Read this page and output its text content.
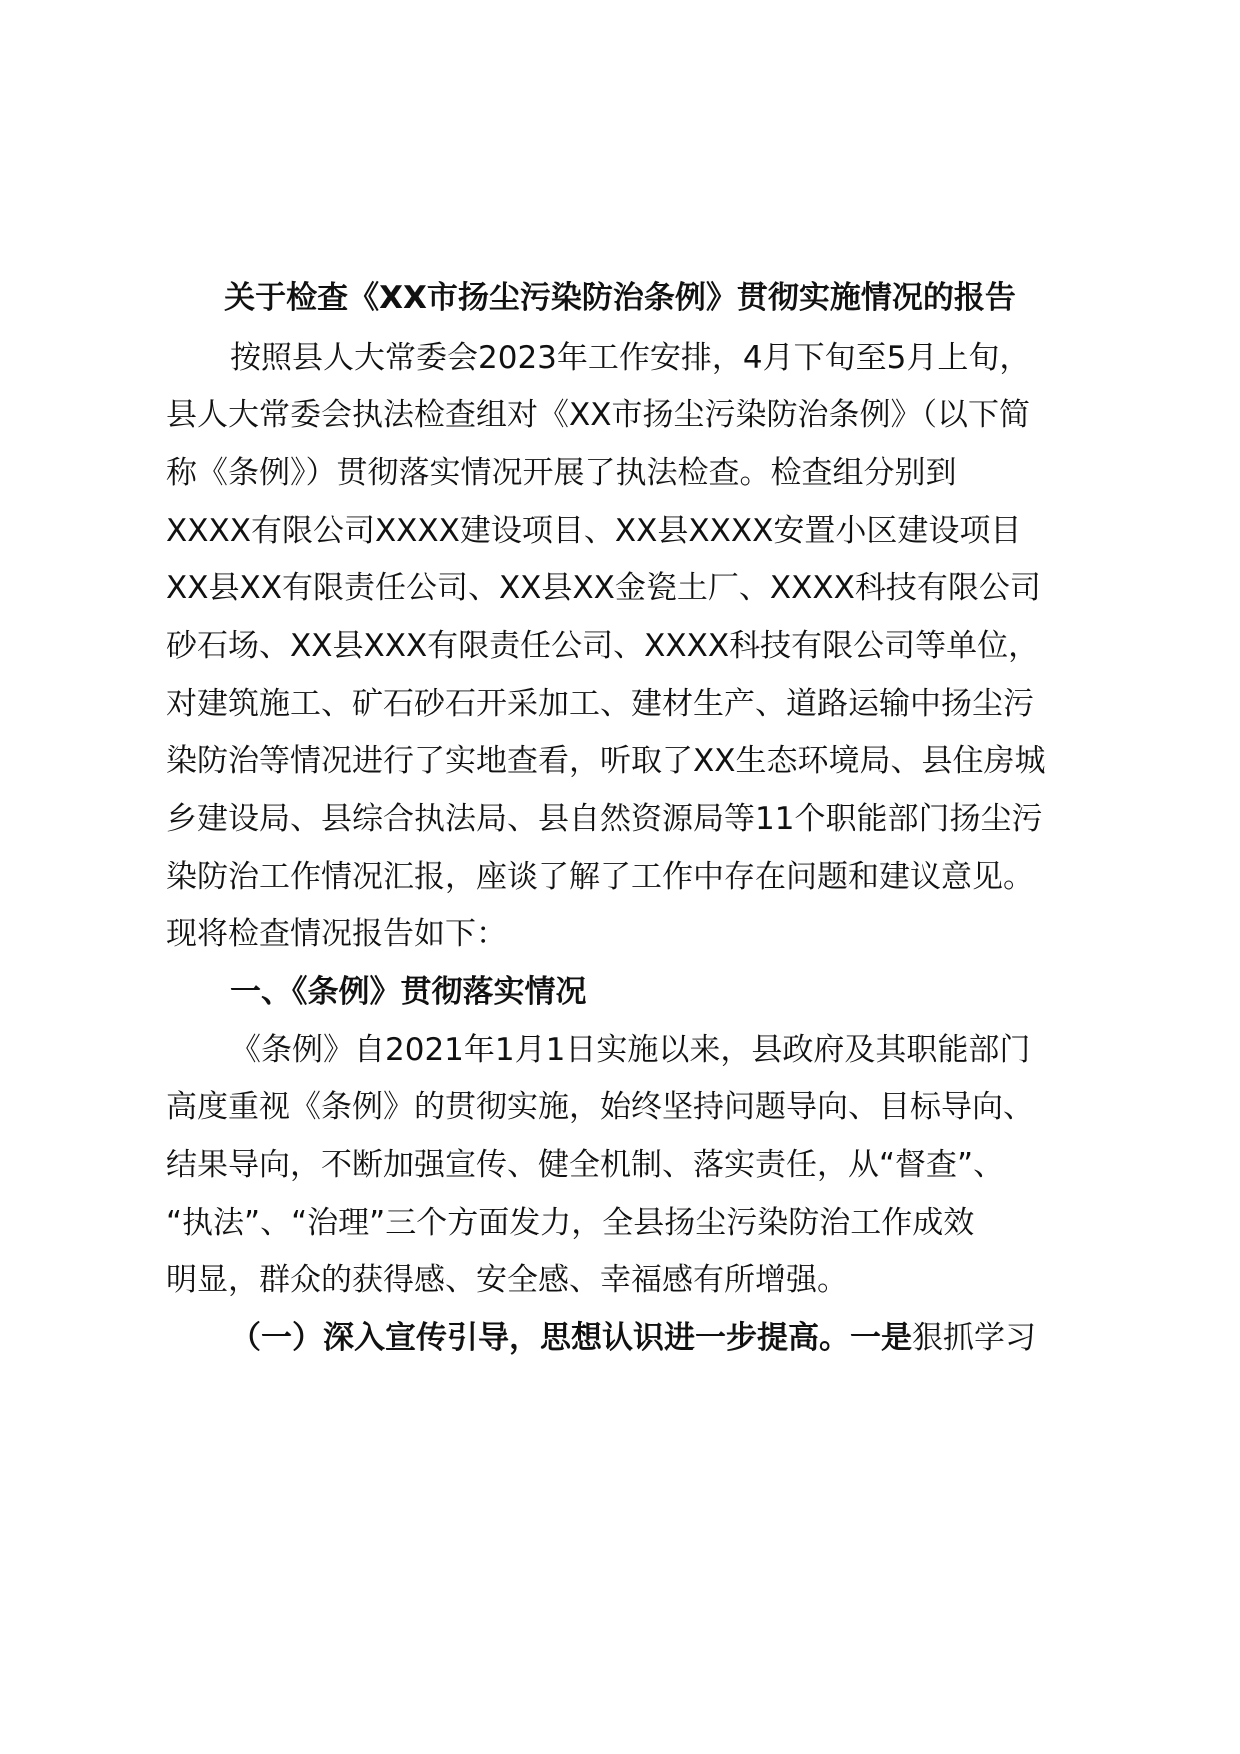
关于检查《XX市扬尘污染防治条例》贯彻实施情况的报告
按照县人大常委会2023年工作安排，4月下旬至5月上旬，
县人大常委会执法检查组对《XX市扬尘污染防治条例》（以下简
称《条例》）贯彻落实情况开展了执法检查。检查组分别到
XXXX有限公司XXXX建设项目、XX县XXXX安置小区建设项目
XX县XX有限责任公司、XX县XX金瓷土厂、XXXX科技有限公司
砂石场、XX县XXX有限责任公司、XXXX科技有限公司等单位，
对建筑施工、矿石砂石开采加工、建材生产、道路运输中扬尘污
染防治等情况进行了实地查看，听取了XX生态环境局、县住房城
乡建设局、县综合执法局、县自然资源局等11个职能部门扬尘污
染防治工作情况汇报，座谈了解了工作中存在问题和建议意见。
现将检查情况报告如下：
一、《条例》贯彻落实情况
《条例》自2021年1月1日实施以来，县政府及其职能部门
高度重视《条例》的贯彻实施，始终坚持问题导向、目标导向、
结果导向，不断加强宣传、健全机制、落实责任，从“督查”、
“执法”、“治理”三个方面发力，全县扬尘污染防治工作成效
明显，群众的获得感、安全感、幸福感有所增强。
（一）深入宣传引导，思想认识进一步提高。一是狠抓学习
